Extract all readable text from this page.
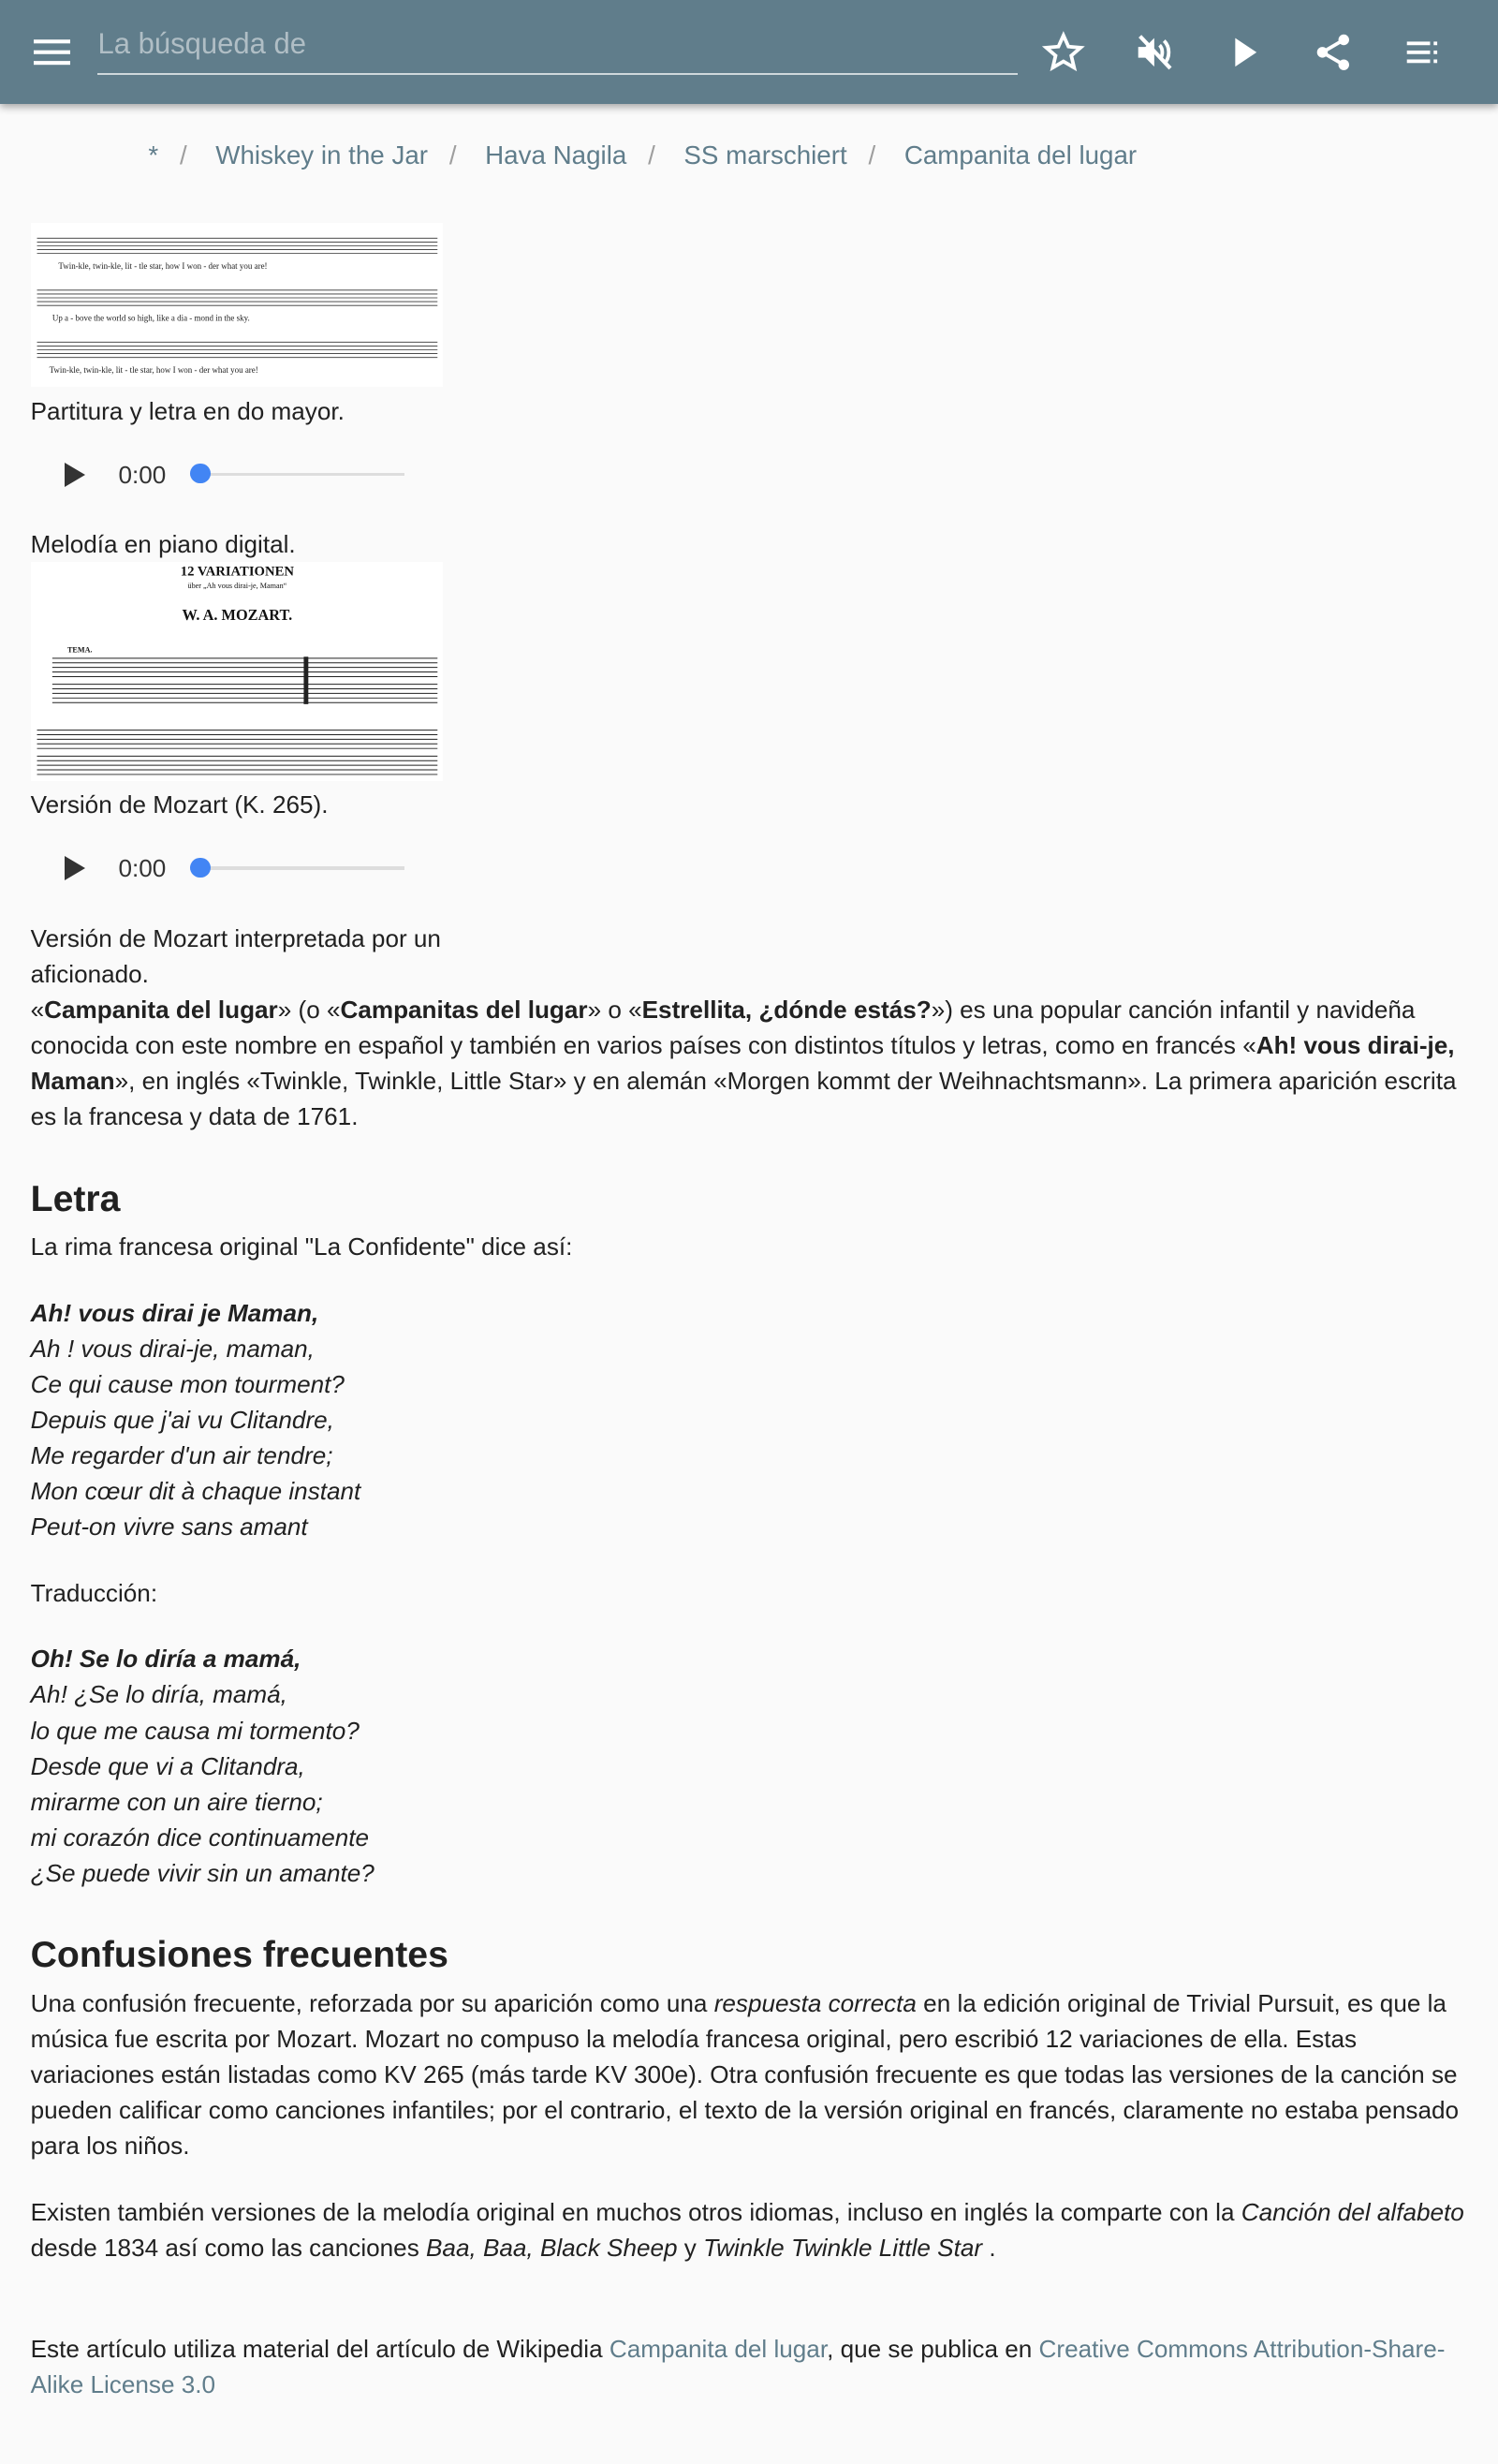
La búsqueda de
* / Whiskey in the Jar / Hava Nagila / SS marschiert / Campanita del lugar
Twin-kle, twin-kle, lit - tle star, how I won - der what you are!
Up a - bove the world so high, like a dia - mond in the sky.
Twin-kle, twin-kle, lit - tle star, how I won - der what you are!

Partitura y letra en do mayor.

0:00

Melodía en piano digital.

12 VARIATIONEN
über „Ah vous dirai-je, Maman“
W. A. MOZART.
TEMA.

Versión de Mozart (K. 265).

0:00

Versión de Mozart interpretada por un aficionado.

«Campanita del lugar» (o «Campanitas del lugar» o «Estrellita, ¿dónde estás?») es una popular canción infantil y navideña conocida con este nombre en español y también en varios países con distintos títulos y letras, como en francés «Ah! vous dirai-je, Maman», en inglés «Twinkle, Twinkle, Little Star» y en alemán «Morgen kommt der Weihnachtsmann». La primera aparición escrita es la francesa y data de 1761.

Letra

La rima francesa original "La Confidente" dice así:

Ah! vous dirai je Maman,
Ah ! vous dirai-je, maman,
Ce qui cause mon tourment?
Depuis que j'ai vu Clitandre,
Me regarder d'un air tendre;
Mon cœur dit à chaque instant
Peut-on vivre sans amant

Traducción:

Oh! Se lo diría a mamá,
Ah! ¿Se lo diría, mamá,
lo que me causa mi tormento?
Desde que vi a Clitandra,
mirarme con un aire tierno;
mi corazón dice continuamente
¿Se puede vivir sin un amante?
Confusiones frecuentes

Una confusión frecuente, reforzada por su aparición como una respuesta correcta en la edición original de Trivial Pursuit, es que la música fue escrita por Mozart. Mozart no compuso la melodía francesa original, pero escribió 12 variaciones de ella. Estas variaciones están listadas como KV 265 (más tarde KV 300e). Otra confusión frecuente es que todas las versiones de la canción se pueden calificar como canciones infantiles; por el contrario, el texto de la versión original en francés, claramente no estaba pensado para los niños.

Existen también versiones de la melodía original en muchos otros idiomas, incluso en inglés la comparte con la Canción del alfabeto desde 1834 así como las canciones Baa, Baa, Black Sheep y Twinkle Twinkle Little Star .

Este artículo utiliza material del artículo de Wikipedia Campanita del lugar, que se publica en Creative Commons Attribution-Share-Alike License 3.0
